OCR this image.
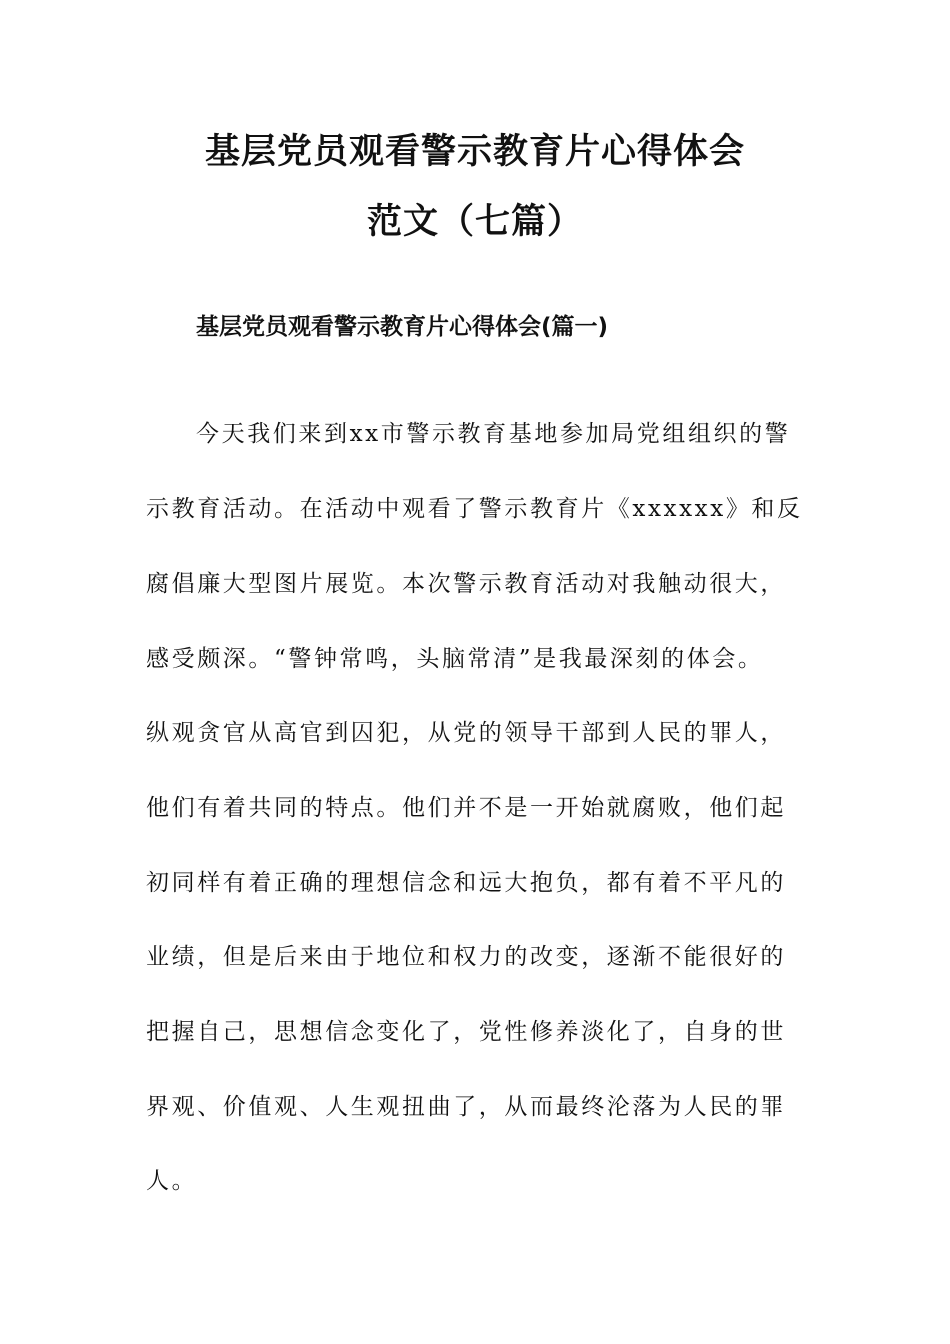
基层党员观看警示教育片心得体会
范文（七篇）
基层党员观看警示教育片心得体会(篇一)

今天我们来到xx市警示教育基地参加局党组组织的警

示教育活动。在活动中观看了警示教育片《xxxxxx》和反

腐倡廉大型图片展览。本次警示教育活动对我触动很大，

感受颇深。“警钟常鸣，头脑常清”是我最深刻的体会。

纵观贪官从高官到囚犯，从党的领导干部到人民的罪人，

他们有着共同的特点。他们并不是一开始就腐败，他们起

初同样有着正确的理想信念和远大抱负，都有着不平凡的

业绩，但是后来由于地位和权力的改变，逐渐不能很好的

把握自己，思想信念变化了，党性修养淡化了，自身的世

界观、价值观、人生观扭曲了，从而最终沦落为人民的罪

人。
